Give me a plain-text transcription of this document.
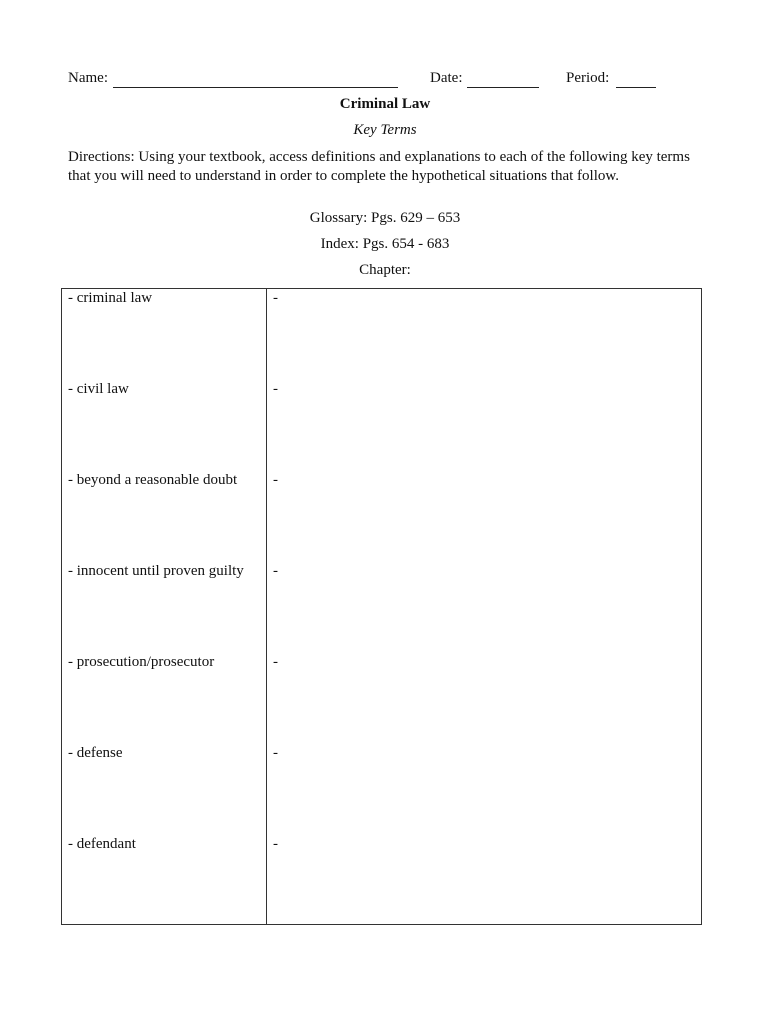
Name:	Date:	Period:
Criminal Law
Key Terms
Directions: Using your textbook, access definitions and explanations to each of the following key terms that you will need to understand in order to complete the hypothetical situations that follow.
Glossary: Pgs. 629 – 653
Index: Pgs. 654 - 683
Chapter:
- criminal law	-
- civil law	-
- beyond a reasonable doubt	-
- innocent until proven guilty	-
- prosecution/prosecutor	-
- defense	-
- defendant	-
